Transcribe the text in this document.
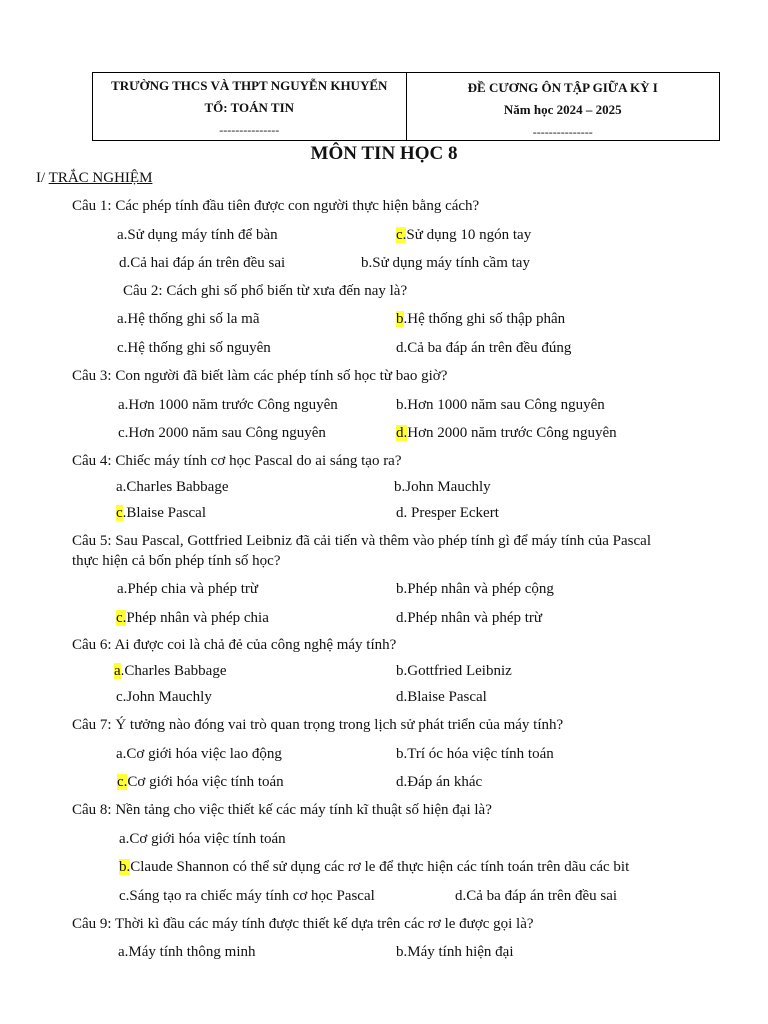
TRƯỜNG THCS VÀ THPT NGUYỄN KHUYẾN
TỔ: TOÁN TIN
---------------
ĐỀ CƯƠNG ÔN TẬP GIỮA KỲ I
Năm học 2024 – 2025
---------------
MÔN TIN HỌC 8
I/ TRẮC NGHIỆM
Câu 1: Các phép tính đầu tiên được con người thực hiện bằng cách?
a.Sử dụng máy tính để bàn	c.Sử dụng 10 ngón tay
d.Cả hai đáp án trên đều sai	b.Sử dụng máy tính cầm tay
Câu 2: Cách ghi số phổ biến từ xưa đến nay là?
a.Hệ thống ghi số la mã	b.Hệ thống ghi số thập phân
c.Hệ thống ghi số nguyên	d.Cả ba đáp án trên đều đúng
Câu 3: Con người đã biết làm các phép tính số học từ bao giờ?
a.Hơn 1000 năm trước Công nguyên	b.Hơn 1000 năm sau Công nguyên
c.Hơn 2000 năm sau Công nguyên	d.Hơn 2000 năm trước Công nguyên
Câu 4: Chiếc máy tính cơ học Pascal do ai sáng tạo ra?
a.Charles Babbage	b.John Mauchly
c.Blaise Pascal	d. Presper Eckert
Câu 5: Sau Pascal, Gottfried Leibniz đã cải tiến và thêm vào phép tính gì để máy tính của Pascal
thực hiện cả bốn phép tính số học?
a.Phép chia và phép trừ	b.Phép nhân và phép cộng
c.Phép nhân và phép chia	d.Phép nhân và phép trừ
Câu 6: Ai được coi là chả đẻ của công nghệ máy tính?
a.Charles Babbage	b.Gottfried Leibniz
c.John Mauchly	d.Blaise Pascal
Câu 7: Ý tưởng nào đóng vai trò quan trọng trong lịch sử phát triển của máy tính?
a.Cơ giới hóa việc lao động	b.Trí óc hóa việc tính toán
c.Cơ giới hóa việc tính toán	d.Đáp án khác
Câu 8: Nền tảng cho việc thiết kế các máy tính kĩ thuật số hiện đại là?
a.Cơ giới hóa việc tính toán
b.Claude Shannon có thể sử dụng các rơ le để thực hiện các tính toán trên dãu các bit
c.Sáng tạo ra chiếc máy tính cơ học Pascal	d.Cả ba đáp án trên đều sai
Câu 9: Thời kì đầu các máy tính được thiết kế dựa trên các rơ le được gọi là?
a.Máy tính thông minh	b.Máy tính hiện đại
